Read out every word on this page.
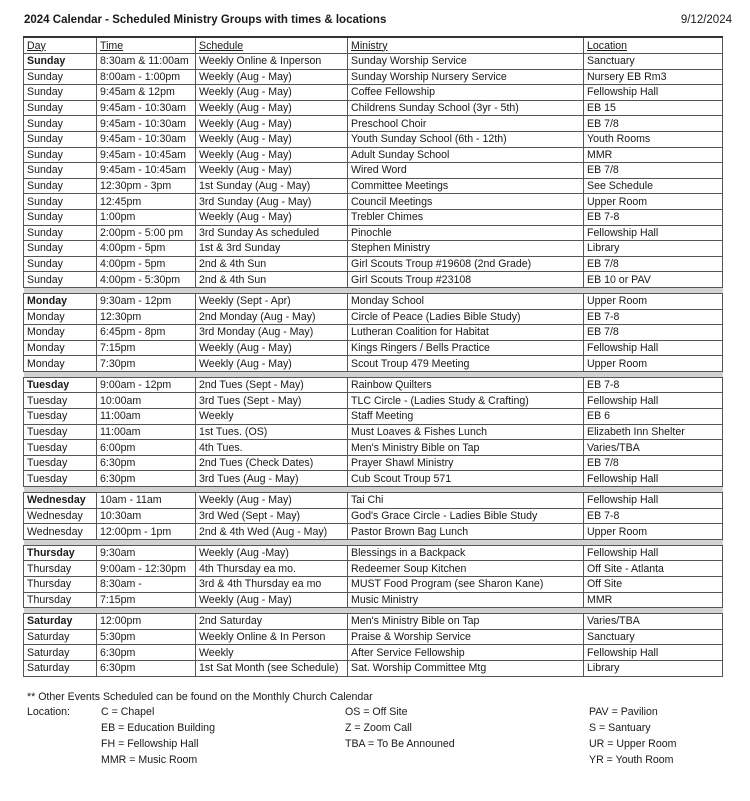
2024 Calendar - Scheduled Ministry Groups with times & locations	9/12/2024
Day	Time	Schedule	Ministry	Location
Sunday	8:30am & 11:00am	Weekly Online & Inperson	Sunday Worship Service	Sanctuary
Sunday	8:00am - 1:00pm	Weekly (Aug - May)	Sunday Worship Nursery Service	Nursery EB Rm3
Sunday	9:45am & 12pm	Weekly (Aug - May)	Coffee Fellowship	Fellowship Hall
Sunday	9:45am - 10:30am	Weekly (Aug - May)	Childrens Sunday School (3yr - 5th)	EB 15
Sunday	9:45am - 10:30am	Weekly (Aug - May)	Preschool Choir	EB 7/8
Sunday	9:45am - 10:30am	Weekly (Aug - May)	Youth Sunday School (6th - 12th)	Youth Rooms
Sunday	9:45am - 10:45am	Weekly (Aug - May)	Adult Sunday School	MMR
Sunday	9:45am - 10:45am	Weekly (Aug - May)	Wired Word	EB 7/8
Sunday	12:30pm - 3pm	1st Sunday (Aug - May)	Committee Meetings	See Schedule
Sunday	12:45pm	3rd Sunday (Aug - May)	Council Meetings	Upper Room
Sunday	1:00pm	Weekly (Aug - May)	Trebler Chimes	EB 7-8
Sunday	2:00pm - 5:00 pm	3rd Sunday As scheduled	Pinochle	Fellowship Hall
Sunday	4:00pm - 5pm	1st & 3rd Sunday	Stephen Ministry	Library
Sunday	4:00pm - 5pm	2nd & 4th Sun	Girl Scouts Troup #19608 (2nd Grade)	EB 7/8
Sunday	4:00pm - 5:30pm	2nd & 4th Sun	Girl Scouts Troup #23108	EB 10 or PAV

Monday	9:30am - 12pm	Weekly (Sept - Apr)	Monday School	Upper Room
Monday	12:30pm	2nd Monday (Aug - May)	Circle of Peace (Ladies Bible Study)	EB 7-8
Monday	6:45pm - 8pm	3rd Monday (Aug - May)	Lutheran Coalition for Habitat	EB 7/8
Monday	7:15pm	Weekly (Aug - May)	Kings Ringers / Bells Practice	Fellowship Hall
Monday	7:30pm	Weekly (Aug - May)	Scout Troup 479 Meeting	Upper Room

Tuesday	9:00am - 12pm	2nd Tues (Sept - May)	Rainbow Quilters	EB 7-8
Tuesday	10:00am	3rd Tues (Sept - May)	TLC Circle - (Ladies Study & Crafting)	Fellowship Hall
Tuesday	11:00am	Weekly	Staff Meeting	EB 6
Tuesday	11:00am	1st Tues. (OS)	Must Loaves & Fishes Lunch	Elizabeth Inn Shelter
Tuesday	6:00pm	4th Tues.	Men's Ministry Bible on Tap	Varies/TBA
Tuesday	6:30pm	2nd Tues (Check Dates)	Prayer Shawl Ministry	EB 7/8
Tuesday	6:30pm	3rd Tues (Aug - May)	Cub Scout Troup 571	Fellowship Hall

Wednesday	10am - 11am	Weekly (Aug - May)	Tai Chi	Fellowship Hall
Wednesday	10:30am	3rd Wed (Sept - May)	God's Grace Circle - Ladies Bible Study	EB 7-8
Wednesday	12:00pm - 1pm	2nd & 4th Wed (Aug - May)	Pastor Brown Bag Lunch	Upper Room

Thursday	9:30am	Weekly (Aug -May)	Blessings in a Backpack	Fellowship Hall
Thursday	9:00am - 12:30pm	4th Thursday ea mo.	Redeemer Soup Kitchen	Off Site - Atlanta
Thursday	8:30am -	3rd & 4th Thursday ea mo	MUST Food Program (see Sharon Kane)	Off Site
Thursday	7:15pm	Weekly (Aug - May)	Music Ministry	MMR

Saturday	12:00pm	2nd Saturday	Men's Ministry Bible on Tap	Varies/TBA
Saturday	5:30pm	Weekly Online & In Person	Praise & Worship Service	Sanctuary
Saturday	6:30pm	Weekly	After Service Fellowship	Fellowship Hall
Saturday	6:30pm	1st Sat Month (see Schedule)	Sat. Worship Committee Mtg	Library
** Other Events Scheduled can be found on the Monthly Church Calendar
Location:	C = Chapel	OS = Off Site	PAV = Pavilion
EB = Education Building	Z = Zoom Call	S = Santuary
FH = Fellowship Hall	TBA = To Be Announed	UR = Upper Room
MMR = Music Room	YR = Youth Room
